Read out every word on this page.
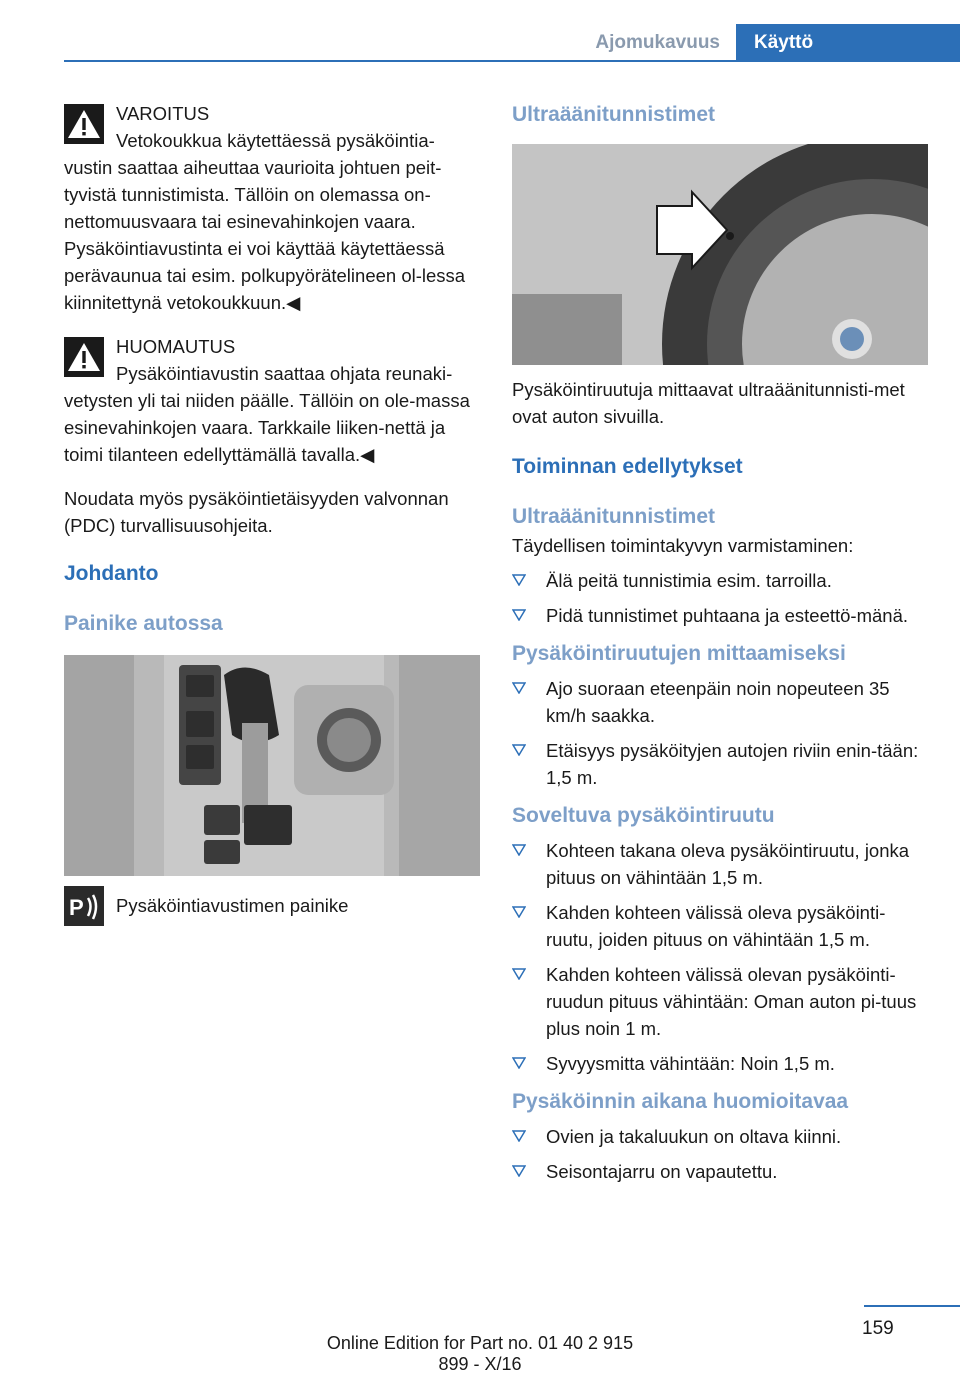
Ajomukavuus	Käyttö

VAROITUS

Vetokoukkua käytettäessä pysäköintia-

vustin saattaa aiheuttaa vaurioita johtuen peit-tyvistä tunnistimista. Tällöin on olemassa on-nettomuusvaara tai esinevahinkojen vaara. Pysäköintiavustinta ei voi käyttää käytettäessä perävaunua tai esim. polkupyörätelineen ol-lessa kiinnitettynä vetokoukkuun.◀

HUOMAUTUS

Pysäköintiavustin saattaa ohjata reunaki-

vetysten yli tai niiden päälle. Tällöin on ole-massa esinevahinkojen vaara. Tarkkaile liiken-nettä ja toimi tilanteen edellyttämällä tavalla.◀

Noudata myös pysäköintietäisyyden valvonnan (PDC) turvallisuusohjeita.

Johdanto
Painike autossa
P Pysäköintiavustimen painike

Ultraäänitunnistimet

Pysäköintiruutuja mittaavat ultraäänitunnisti-met ovat auton sivuilla.

Toiminnan edellytykset
Ultraäänitunnistimet

Täydellisen toimintakyvyn varmistaminen:

Älä peitä tunnistimia esim. tarroilla.
Pidä tunnistimet puhtaana ja esteettö-mänä.
Pysäköintiruutujen mittaamiseksi
Ajo suoraan eteenpäin noin nopeuteen 35 km/h saakka.
Etäisyys pysäköityjen autojen riviin enin-tään: 1,5 m.
Soveltuva pysäköintiruutu
Kohteen takana oleva pysäköintiruutu, jonka pituus on vähintään 1,5 m.
Kahden kohteen välissä oleva pysäköinti-ruutu, joiden pituus on vähintään 1,5 m.
Kahden kohteen välissä olevan pysäköinti-ruudun pituus vähintään: Oman auton pi-tuus plus noin 1 m.
Syvyysmitta vähintään: Noin 1,5 m.
Pysäköinnin aikana huomioitavaa
Ovien ja takaluukun on oltava kiinni.
Seisontajarru on vapautettu.
159
Online Edition for Part no. 01 40 2 915 899 - X/16
